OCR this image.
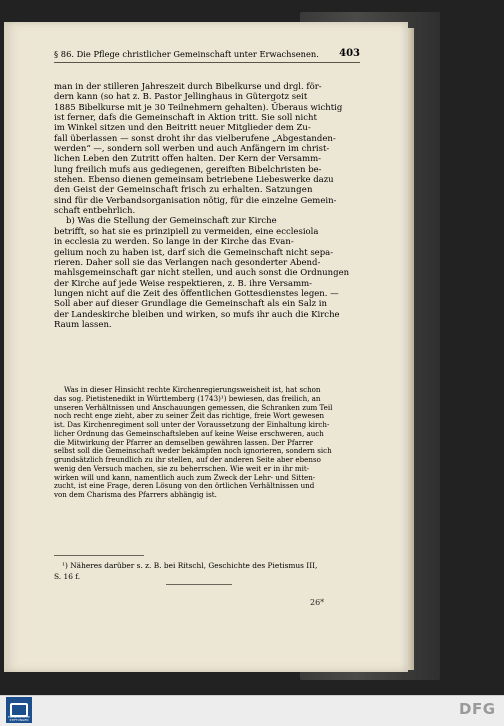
§ 86. Die Pflege christlicher Gemeinschaft unter Erwachsenen. 403
man in der stilleren Jahreszeit durch Bibelkurse und drgl. för-
dern kann (so hat z. B. Pastor Jellinghaus in Gütergotz seit
1885 Bibelkurse mit je 30 Teilnehmern gehalten). Überaus wichtig
ist ferner, dafs die Gemeinschaft in Aktion tritt. Sie soll nicht
im Winkel sitzen und den Beitritt neuer Mitglieder dem Zu-
fall überlassen — sonst droht ihr das vielberufene „Abgestanden-
werden“ —, sondern soll werben und auch Anfängern im christ-
lichen Leben den Zutritt offen halten. Der Kern der Versamm-
lung freilich mufs aus gediegenen, gereiften Bibelchristen be-
stehen. Ebenso dienen gemeinsam betriebene Liebeswerke dazu
den Geist der Gemeinschaft frisch zu erhalten. Satzungen
sind für die Verbandsorganisation nötig, für die einzelne Gemein-
schaft entbehrlich.
b) Was die Stellung der Gemeinschaft zur Kirche
betrifft, so hat sie es prinzipiell zu vermeiden, eine ecclesiola
in ecclesia zu werden. So lange in der Kirche das Evan-
gelium noch zu haben ist, darf sich die Gemeinschaft nicht sepa-
rieren. Daher soll sie das Verlangen nach gesonderter Abend-
mahlsgemeinschaft gar nicht stellen, und auch sonst die Ordnungen
der Kirche auf jede Weise respektieren, z. B. ihre Versamm-
lungen nicht auf die Zeit des öffentlichen Gottesdienstes legen. —
Soll aber auf dieser Grundlage die Gemeinschaft als ein Salz in
der Landeskirche bleiben und wirken, so mufs ihr auch die Kirche
Raum lassen.
Was in dieser Hinsicht rechte Kirchenregierungsweisheit ist, hat schon
das sog. Pietistenedikt in Württemberg (1743)¹) bewiesen, das freilich, an
unseren Verhältnissen und Anschauungen gemessen, die Schranken zum Teil
noch recht enge zieht, aber zu seiner Zeit das richtige, freie Wort gewesen
ist. Das Kirchenregiment soll unter der Voraussetzung der Einhaltung kirch-
licher Ordnung das Gemeinschaftsleben auf keine Weise erschweren, auch
die Mitwirkung der Pfarrer an demselben gewähren lassen. Der Pfarrer
selbst soll die Gemeinschaft weder bekämpfen noch ignorieren, sondern sich
grundsätzlich freundlich zu ihr stellen, auf der anderen Seite aber ebenso
wenig den Versuch machen, sie zu beherrschen. Wie weit er in ihr mit-
wirken will und kann, namentlich auch zum Zweck der Lehr- und Sitten-
zucht, ist eine Frage, deren Lösung von den örtlichen Verhältnissen und
von dem Charisma des Pfarrers abhängig ist.
¹) Näheres darüber s. z. B. bei Ritschl, Geschichte des Pietismus III,
S. 16 f.
26*
FRANCKESCHE STIFTUNGEN
DFG
